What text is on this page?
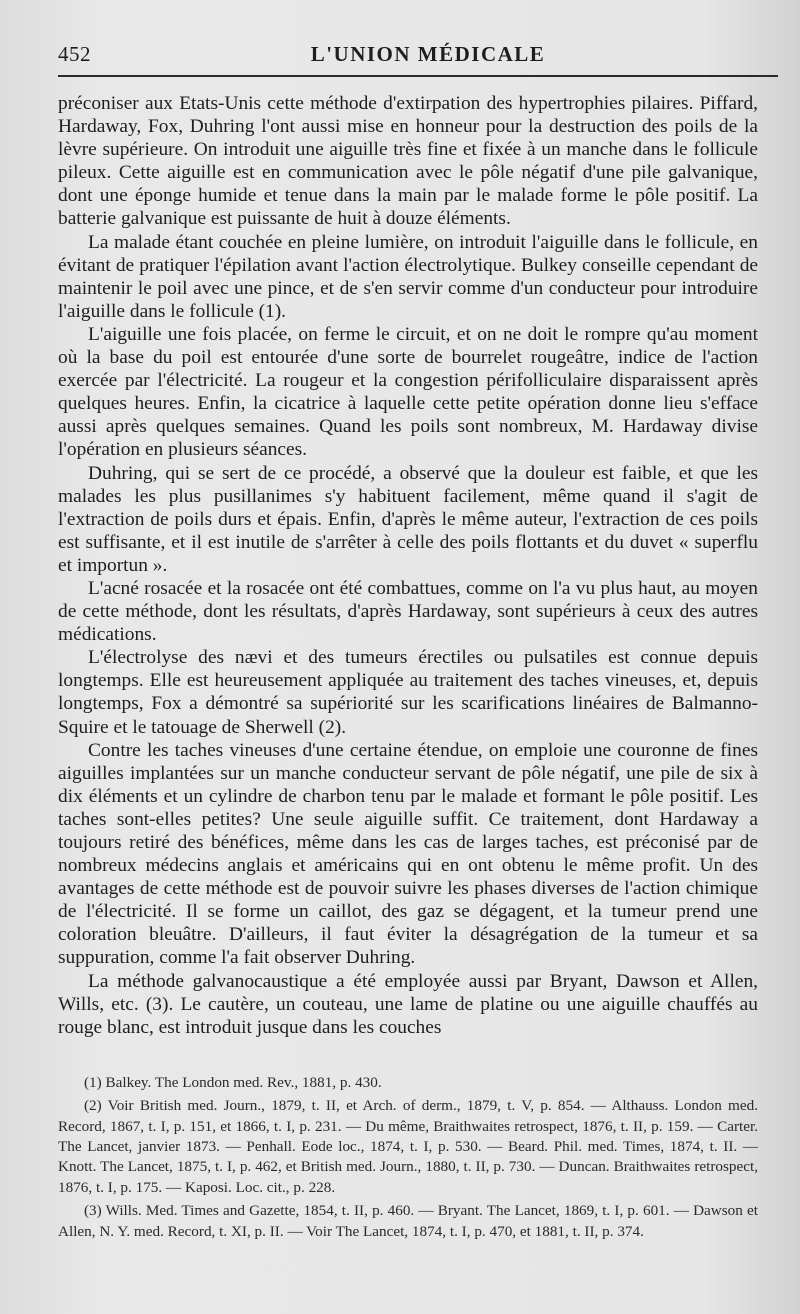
452	L'UNION MÉDICALE

préconiser aux Etats-Unis cette méthode d'extirpation des hypertrophies pilaires. Piffard, Hardaway, Fox, Duhring l'ont aussi mise en honneur pour la destruction des poils de la lèvre supérieure. On introduit une aiguille très fine et fixée à un manche dans le follicule pileux. Cette aiguille est en communication avec le pôle négatif d'une pile galvanique, dont une éponge humide et tenue dans la main par le malade forme le pôle positif. La batterie galvanique est puissante de huit à douze éléments.

La malade étant couchée en pleine lumière, on introduit l'aiguille dans le follicule, en évitant de pratiquer l'épilation avant l'action électrolytique. Bulkey conseille cependant de maintenir le poil avec une pince, et de s'en servir comme d'un conducteur pour introduire l'aiguille dans le follicule (1).

L'aiguille une fois placée, on ferme le circuit, et on ne doit le rompre qu'au moment où la base du poil est entourée d'une sorte de bourrelet rougeâtre, indice de l'action exercée par l'électricité. La rougeur et la congestion périfolliculaire disparaissent après quelques heures. Enfin, la cicatrice à laquelle cette petite opération donne lieu s'efface aussi après quelques semaines. Quand les poils sont nombreux, M. Hardaway divise l'opération en plusieurs séances.

Duhring, qui se sert de ce procédé, a observé que la douleur est faible, et que les malades les plus pusillanimes s'y habituent facilement, même quand il s'agit de l'extraction de poils durs et épais. Enfin, d'après le même auteur, l'extraction de ces poils est suffisante, et il est inutile de s'arrêter à celle des poils flottants et du duvet « superflu et importun ».

L'acné rosacée et la rosacée ont été combattues, comme on l'a vu plus haut, au moyen de cette méthode, dont les résultats, d'après Hardaway, sont supérieurs à ceux des autres médications.

L'électrolyse des nævi et des tumeurs érectiles ou pulsatiles est connue depuis longtemps. Elle est heureusement appliquée au traitement des taches vineuses, et, depuis longtemps, Fox a démontré sa supériorité sur les scarifications linéaires de Balmanno-Squire et le tatouage de Sherwell (2).

Contre les taches vineuses d'une certaine étendue, on emploie une couronne de fines aiguilles implantées sur un manche conducteur servant de pôle négatif, une pile de six à dix éléments et un cylindre de charbon tenu par le malade et formant le pôle positif. Les taches sont-elles petites? Une seule aiguille suffit. Ce traitement, dont Hardaway a toujours retiré des bénéfices, même dans les cas de larges taches, est préconisé par de nombreux médecins anglais et américains qui en ont obtenu le même profit. Un des avantages de cette méthode est de pouvoir suivre les phases diverses de l'action chimique de l'électricité. Il se forme un caillot, des gaz se dégagent, et la tumeur prend une coloration bleuâtre. D'ailleurs, il faut éviter la désagrégation de la tumeur et sa suppuration, comme l'a fait observer Duhring.

La méthode galvanocaustique a été employée aussi par Bryant, Dawson et Allen, Wills, etc. (3). Le cautère, un couteau, une lame de platine ou une aiguille chauffés au rouge blanc, est introduit jusque dans les couches

(1) Balkey. The London med. Rev., 1881, p. 430.

(2) Voir British med. Journ., 1879, t. II, et Arch. of derm., 1879, t. V, p. 854. — Althauss. London med. Record, 1867, t. I, p. 151, et 1866, t. I, p. 231. — Du même, Braithwaites retrospect, 1876, t. II, p. 159. — Carter. The Lancet, janvier 1873. — Penhall. Eode loc., 1874, t. I, p. 530. — Beard. Phil. med. Times, 1874, t. II. — Knott. The Lancet, 1875, t. I, p. 462, et British med. Journ., 1880, t. II, p. 730. — Duncan. Braithwaites retrospect, 1876, t. I, p. 175. — Kaposi. Loc. cit., p. 228.

(3) Wills. Med. Times and Gazette, 1854, t. II, p. 460. — Bryant. The Lancet, 1869, t. I, p. 601. — Dawson et Allen, N. Y. med. Record, t. XI, p. II. — Voir The Lancet, 1874, t. I, p. 470, et 1881, t. II, p. 374.
